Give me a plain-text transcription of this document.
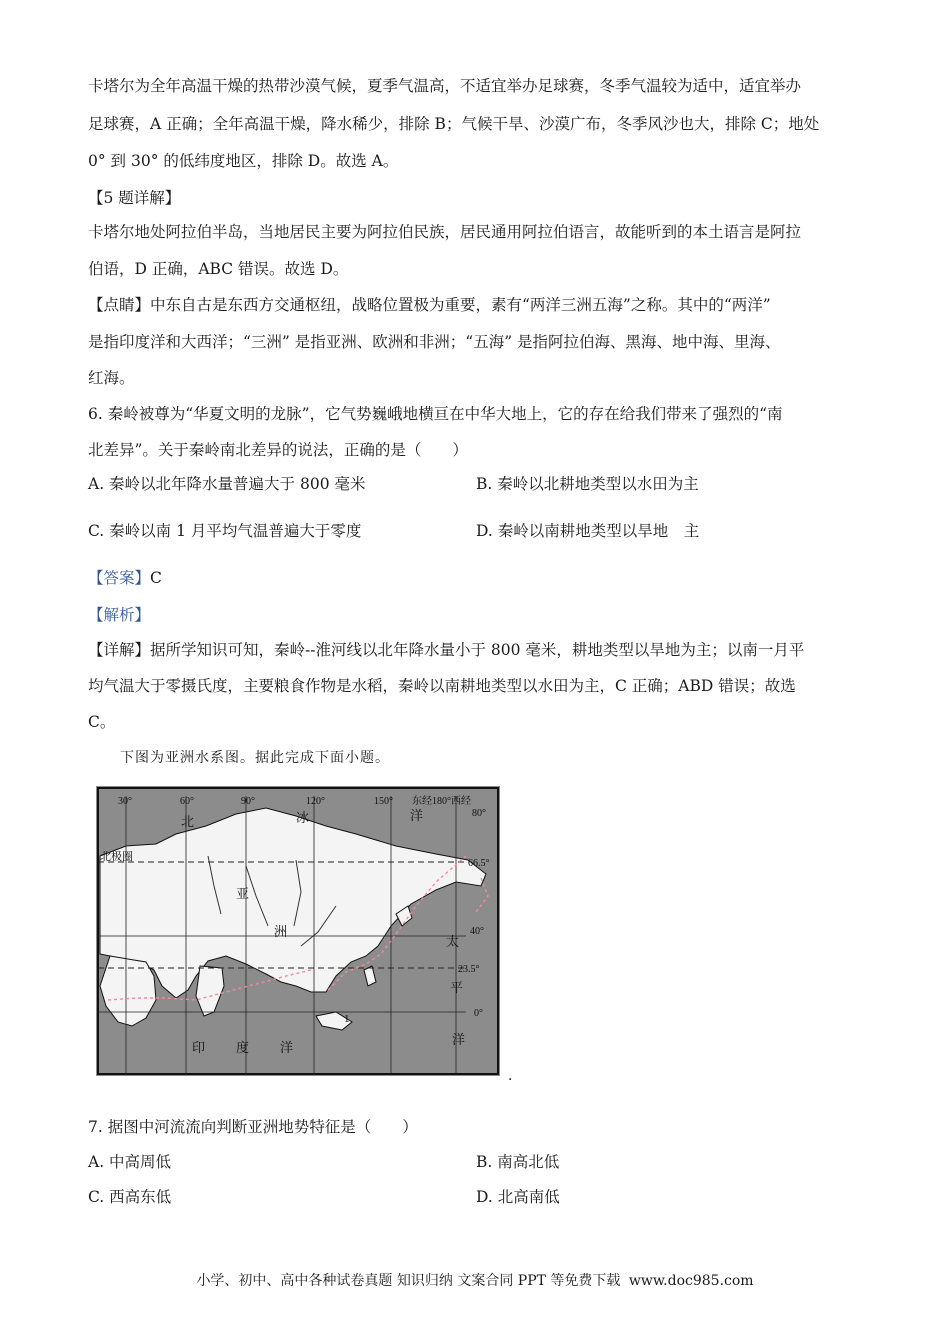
卡塔尔为全年高温干燥的热带沙漠气候，夏季气温高，不适宜举办足球赛，冬季气温较为适中，适宜举办
足球赛，A 正确；全年高温干燥，降水稀少，排除 B；气候干旱、沙漠广布，冬季风沙也大，排除 C；地处
0° 到 30° 的低纬度地区，排除 D。故选 A。
【5 题详解】
卡塔尔地处阿拉伯半岛，当地居民主要为阿拉伯民族，居民通用阿拉伯语言，故能听到的本土语言是阿拉
伯语，D 正确，ABC 错误。故选 D。
【点睛】中东自古是东西方交通枢纽，战略位置极为重要，素有“两洋三洲五海”之称。其中的“两洋”
是指印度洋和大西洋；“三洲” 是指亚洲、欧洲和非洲；“五海” 是指阿拉伯海、黑海、地中海、里海、
红海。
6. 秦岭被尊为“华夏文明的龙脉”，它气势巍峨地横亘在中华大地上，它的存在给我们带来了强烈的“南
北差异”。关于秦岭南北差异的说法，正确的是（　　）
A. 秦岭以北年降水量普遍大于 800 毫米	B. 秦岭以北耕地类型以水田为主
C. 秦岭以南 1 月平均气温普遍大于零度	D. 秦岭以南耕地类型以旱地　主
【答案】C
【解析】
【详解】据所学知识可知，秦岭--淮河线以北年降水量小于 800 毫米，耕地类型以旱地为主；以南一月平
均气温大于零摄氏度，主要粮食作物是水稻，秦岭以南耕地类型以水田为主，C 正确；ABD 错误；故选
C。
下图为亚洲水系图。据此完成下面小题。
30°	60°	90°	120°	150° 东经180°西经
80°
66.5°
40°
23.5°
0°
北	冰	洋
北极圈
亚
洲
太
平
洋
印 度 洋
1
.
7. 据图中河流流向判断亚洲地势特征是（　　）
A. 中高周低	B. 南高北低
C. 西高东低	D. 北高南低
小学、初中、高中各种试卷真题 知识归纳 文案合同 PPT 等免费下载 www.doc985.com
